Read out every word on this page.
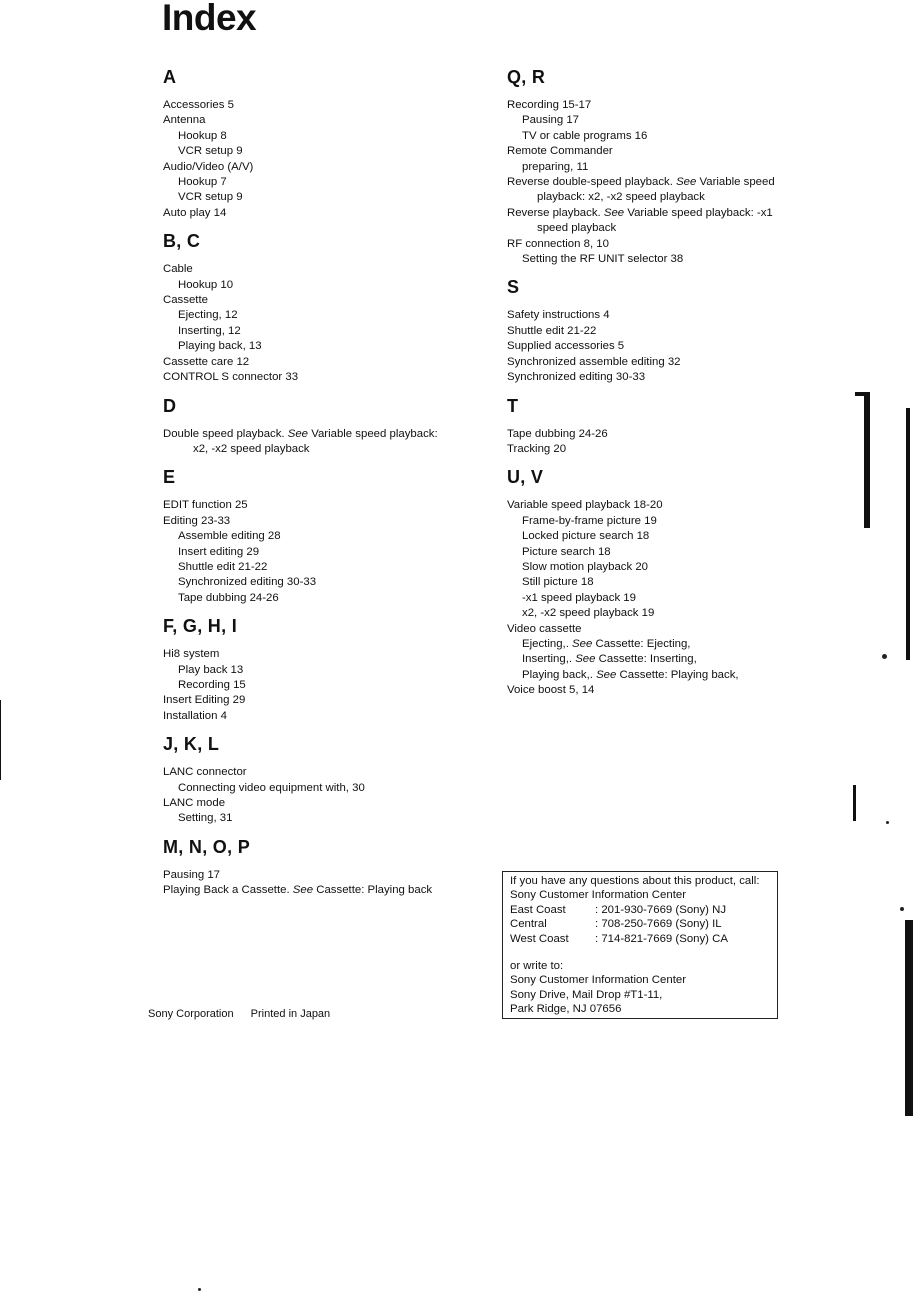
Index
A
Accessories 5
Antenna
Hookup 8
VCR setup 9
Audio/Video (A/V)
Hookup 7
VCR setup 9
Auto play 14
B, C
Cable
Hookup 10
Cassette
Ejecting, 12
Inserting, 12
Playing back, 13
Cassette care 12
CONTROL S connector 33
D
Double speed playback. See Variable speed playback:
x2, -x2 speed playback
E
EDIT function 25
Editing 23-33
Assemble editing 28
Insert editing 29
Shuttle edit 21-22
Synchronized editing 30-33
Tape dubbing 24-26
F, G, H, I
Hi8 system
Play back 13
Recording 15
Insert Editing 29
Installation 4
J, K, L
LANC connector
Connecting video equipment with, 30
LANC mode
Setting, 31
M, N, O, P
Pausing 17
Playing Back a Cassette. See Cassette: Playing back
Q, R
Recording 15-17
Pausing 17
TV or cable programs 16
Remote Commander
preparing, 11
Reverse double-speed playback. See Variable speed
playback: x2, -x2 speed playback
Reverse playback. See Variable speed playback: -x1
speed playback
RF connection 8, 10
Setting the RF UNIT selector 38
S
Safety instructions 4
Shuttle edit 21-22
Supplied accessories 5
Synchronized assemble editing 32
Synchronized editing 30-33
T
Tape dubbing 24-26
Tracking 20
U, V
Variable speed playback 18-20
Frame-by-frame picture 19
Locked picture search 18
Picture search 18
Slow motion playback 20
Still picture 18
-x1 speed playback 19
x2, -x2 speed playback 19
Video cassette
Ejecting,. See Cassette: Ejecting,
Inserting,. See Cassette: Inserting,
Playing back,. See Cassette: Playing back,
Voice boost 5, 14
If you have any questions about this product, call:
Sony Customer Information Center
East Coast	: 201-930-7669 (Sony) NJ
Central	: 708-250-7669 (Sony) IL
West Coast	: 714-821-7669 (Sony) CA
or write to:
Sony Customer Information Center
Sony Drive, Mail Drop #T1-11,
Park Ridge, NJ 07656
Sony Corporation Printed in Japan
